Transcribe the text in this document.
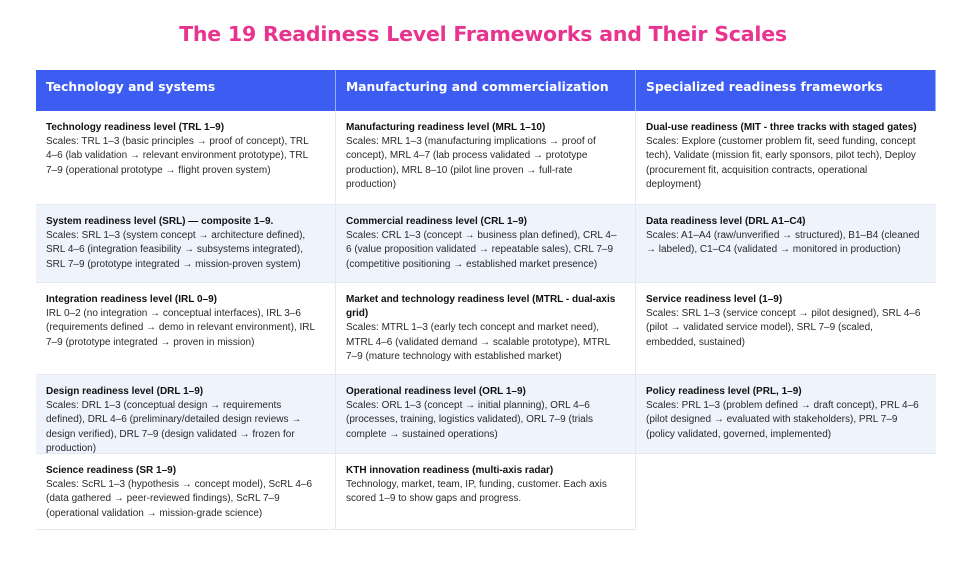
The 19 Readiness Level Frameworks and Their Scales
Technology and systems	Manufacturing and commercialization	Specialized readiness frameworks
Technology readiness level (TRL 1–9)
Scales: TRL 1–3 (basic principles → proof of concept), TRL 4–6 (lab validation → relevant environment prototype), TRL 7–9 (operational prototype → flight proven system)
Manufacturing readiness level (MRL 1–10)
Scales: MRL 1–3 (manufacturing implications → proof of concept), MRL 4–7 (lab process validated → prototype production), MRL 8–10 (pilot line proven → full-rate production)
Dual-use readiness (MIT - three tracks with staged gates)
Scales: Explore (customer problem fit, seed funding, concept tech), Validate (mission fit, early sponsors, pilot tech), Deploy (procurement fit, acquisition contracts, operational deployment)
System readiness level (SRL) — composite 1–9.
Scales: SRL 1–3 (system concept → architecture defined), SRL 4–6 (integration feasibility → subsystems integrated), SRL 7–9 (prototype integrated → mission-proven system)
Commercial readiness level (CRL 1–9)
Scales: CRL 1–3 (concept → business plan defined), CRL 4–6 (value proposition validated → repeatable sales), CRL 7–9 (competitive positioning → established market presence)
Data readiness level (DRL A1–C4)
Scales: A1–A4 (raw/unverified → structured), B1–B4 (cleaned → labeled), C1–C4 (validated → monitored in production)
Integration readiness level (IRL 0–9)
IRL 0–2 (no integration → conceptual interfaces), IRL 3–6 (requirements defined → demo in relevant environment), IRL 7–9 (prototype integrated → proven in mission)
Market and technology readiness level (MTRL - dual-axis grid)
Scales: MTRL 1–3 (early tech concept and market need), MTRL 4–6 (validated demand → scalable prototype), MTRL 7–9 (mature technology with established market)
Service readiness level (1–9)
Scales: SRL 1–3 (service concept → pilot designed), SRL 4–6 (pilot → validated service model), SRL 7–9 (scaled, embedded, sustained)
Design readiness level (DRL 1–9)
Scales: DRL 1–3 (conceptual design → requirements defined), DRL 4–6 (preliminary/detailed design reviews → design verified), DRL 7–9 (design validated → frozen for production)
Operational readiness level (ORL 1–9)
Scales: ORL 1–3 (concept → initial planning), ORL 4–6 (processes, training, logistics validated), ORL 7–9 (trials complete → sustained operations)
Policy readiness level (PRL, 1–9)
Scales: PRL 1–3 (problem defined → draft concept), PRL 4–6 (pilot designed → evaluated with stakeholders), PRL 7–9 (policy validated, governed, implemented)
Science readiness (SR 1–9)
Scales: ScRL 1–3 (hypothesis → concept model), ScRL 4–6 (data gathered → peer-reviewed findings), ScRL 7–9 (operational validation → mission-grade science)
KTH innovation readiness (multi-axis radar)
Technology, market, team, IP, funding, customer. Each axis scored 1–9 to show gaps and progress.
